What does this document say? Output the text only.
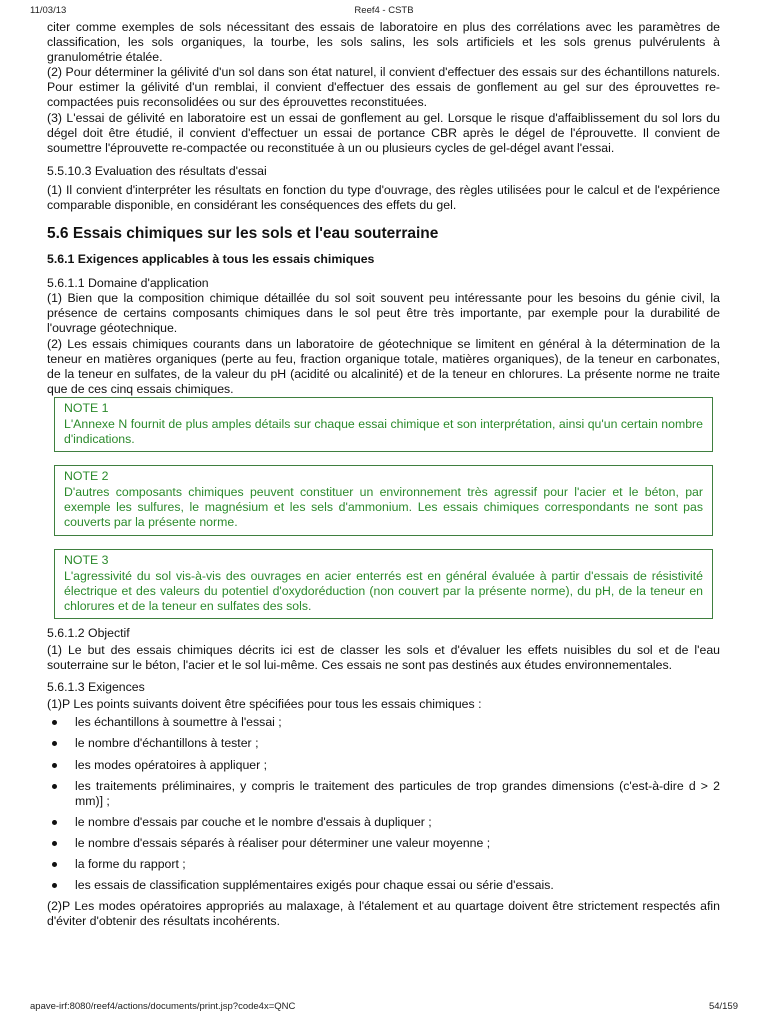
11/03/13	Reef4 - CSTB

citer comme exemples de sols nécessitant des essais de laboratoire en plus des corrélations avec les paramètres de classification, les sols organiques, la tourbe, les sols salins, les sols artificiels et les sols grenus pulvérulents à granulométrie étalée.

(2) Pour déterminer la gélivité d'un sol dans son état naturel, il convient d'effectuer des essais sur des échantillons naturels. Pour estimer la gélivité d'un remblai, il convient d'effectuer des essais de gonflement au gel sur des éprouvettes re-compactées puis reconsolidées ou sur des éprouvettes reconstituées.

(3) L'essai de gélivité en laboratoire est un essai de gonflement au gel. Lorsque le risque d'affaiblissement du sol lors du dégel doit être étudié, il convient d'effectuer un essai de portance CBR après le dégel de l'éprouvette. Il convient de soumettre l'éprouvette re-compactée ou reconstituée à un ou plusieurs cycles de gel-dégel avant l'essai.

5.5.10.3 Evaluation des résultats d'essai

(1) Il convient d'interpréter les résultats en fonction du type d'ouvrage, des règles utilisées pour le calcul et de l'expérience comparable disponible, en considérant les conséquences des effets du gel.

5.6 Essais chimiques sur les sols et l'eau souterraine
5.6.1 Exigences applicables à tous les essais chimiques

5.6.1.1 Domaine d'application

(1) Bien que la composition chimique détaillée du sol soit souvent peu intéressante pour les besoins du génie civil, la présence de certains composants chimiques dans le sol peut être très importante, par exemple pour la durabilité de l'ouvrage géotechnique.

(2) Les essais chimiques courants dans un laboratoire de géotechnique se limitent en général à la détermination de la teneur en matières organiques (perte au feu, fraction organique totale, matières organiques), de la teneur en carbonates, de la teneur en sulfates, de la valeur du pH (acidité ou alcalinité) et de la teneur en chlorures. La présente norme ne traite que de ces cinq essais chimiques.

NOTE 1

L'Annexe N fournit de plus amples détails sur chaque essai chimique et son interprétation, ainsi qu'un certain nombre d'indications.

NOTE 2

D'autres composants chimiques peuvent constituer un environnement très agressif pour l'acier et le béton, par exemple les sulfures, le magnésium et les sels d'ammonium. Les essais chimiques correspondants ne sont pas couverts par la présente norme.

NOTE 3

L'agressivité du sol vis-à-vis des ouvrages en acier enterrés est en général évaluée à partir d'essais de résistivité électrique et des valeurs du potentiel d'oxydoréduction (non couvert par la présente norme), du pH, de la teneur en chlorures et de la teneur en sulfates des sols.

5.6.1.2 Objectif

(1) Le but des essais chimiques décrits ici est de classer les sols et d'évaluer les effets nuisibles du sol et de l'eau souterraine sur le béton, l'acier et le sol lui-même. Ces essais ne sont pas destinés aux études environnementales.

5.6.1.3 Exigences

(1)P Les points suivants doivent être spécifiées pour tous les essais chimiques :

les échantillons à soumettre à l'essai ;
le nombre d'échantillons à tester ;
les modes opératoires à appliquer ;
les traitements préliminaires, y compris le traitement des particules de trop grandes dimensions (c'est-à-dire d > 2 mm)] ;
le nombre d'essais par couche et le nombre d'essais à dupliquer ;
le nombre d'essais séparés à réaliser pour déterminer une valeur moyenne ;
la forme du rapport ;
les essais de classification supplémentaires exigés pour chaque essai ou série d'essais.

(2)P Les modes opératoires appropriés au malaxage, à l'étalement et au quartage doivent être strictement respectés afin d'éviter d'obtenir des résultats incohérents.

apave-irf:8080/reef4/actions/documents/print.jsp?code4x=QNC	54/159
